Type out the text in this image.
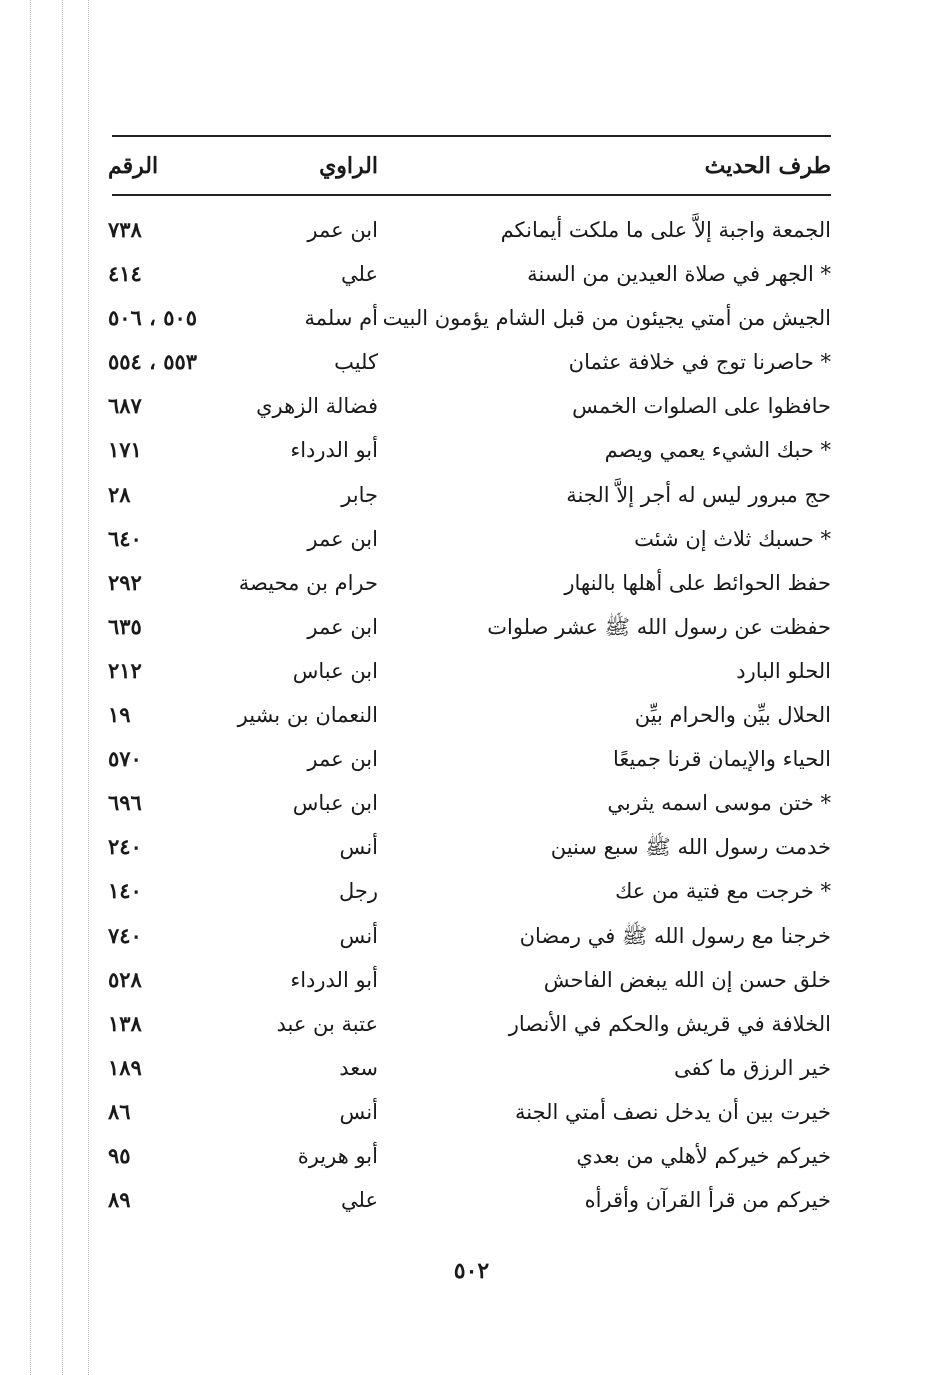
طرف الحديث
الراوي
الرقم
الجمعة واجبة إلاَّ على ما ملكت أيمانكم
ابن عمر
٧٣٨
* الجهر في صلاة العيدين من السنة
علي
٤١٤
الجيش من أمتي يجيئون من قبل الشام يؤمون البيت
أم سلمة
٥٠٥ ، ٥٠٦
* حاصرنا توج في خلافة عثمان
كليب
٥٥٣ ، ٥٥٤
حافظوا على الصلوات الخمس
فضالة الزهري
٦٨٧
* حبك الشيء يعمي ويصم
أبو الدرداء
١٧١
حج مبرور ليس له أجر إلاَّ الجنة
جابر
٢٨
* حسبك ثلاث إن شئت
ابن عمر
٦٤٠
حفظ الحوائط على أهلها بالنهار
حرام بن محيصة
٢٩٢
حفظت عن رسول الله ﷺ عشر صلوات
ابن عمر
٦٣٥
الحلو البارد
ابن عباس
٢١٢
الحلال بيِّن والحرام بيِّن
النعمان بن بشير
١٩
الحياء والإيمان قرنا جميعًا
ابن عمر
٥٧٠
* ختن موسى اسمه يثربي
ابن عباس
٦٩٦
خدمت رسول الله ﷺ سبع سنين
أنس
٢٤٠
* خرجت مع فتية من عك
رجل
١٤٠
خرجنا مع رسول الله ﷺ في رمضان
أنس
٧٤٠
خلق حسن إن الله يبغض الفاحش
أبو الدرداء
٥٢٨
الخلافة في قريش والحكم في الأنصار
عتبة بن عبد
١٣٨
خير الرزق ما كفى
سعد
١٨٩
خيرت بين أن يدخل نصف أمتي الجنة
أنس
٨٦
خيركم خيركم لأهلي من بعدي
أبو هريرة
٩٥
خيركم من قرأ القرآن وأقرأه
علي
٨٩
٥٠٢
